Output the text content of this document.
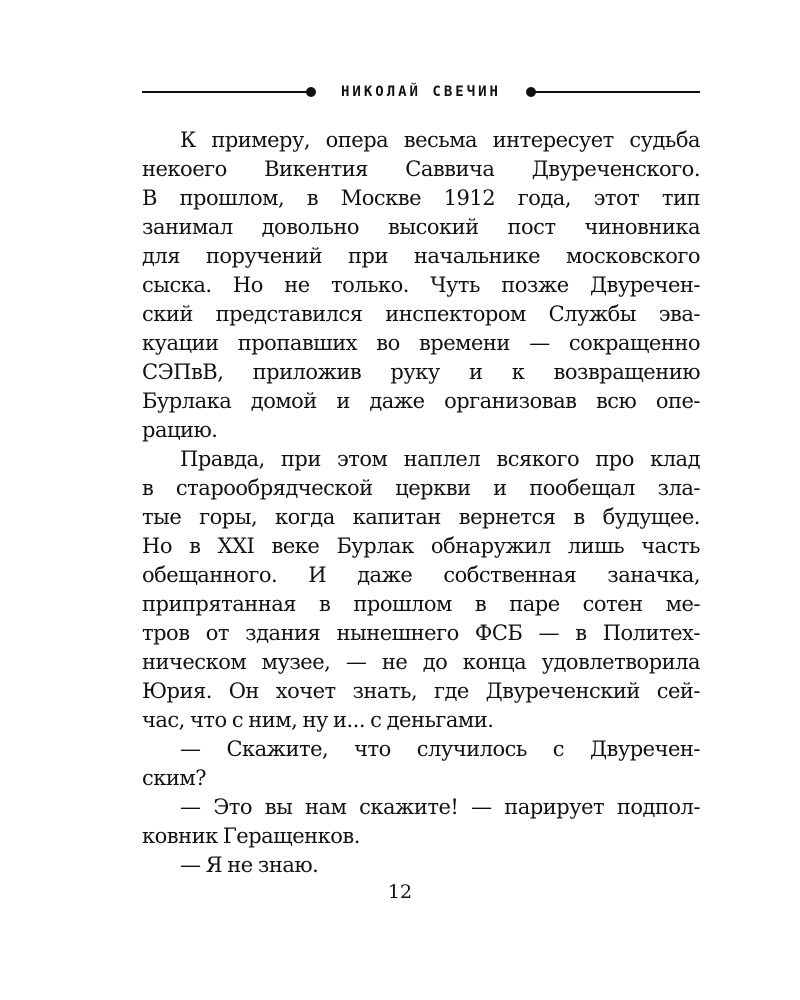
НИКОЛАЙ СВЕЧИН

К примеру, опера весьма интересует судьба
некоего Викентия Саввича Двуреченского.
В прошлом, в Москве 1912 года, этот тип
занимал довольно высокий пост чиновника
для поручений при начальнике московского
сыска. Но не только. Чуть позже Двуречен-
ский представился инспектором Службы эва-
куации пропавших во времени — сокращенно
СЭПвВ, приложив руку и к возвращению
Бурлака домой и даже организовав всю опе-
рацию.

Правда, при этом наплел всякого про клад
в старообрядческой церкви и пообещал зла-
тые горы, когда капитан вернется в будущее.
Но в XXI веке Бурлак обнаружил лишь часть
обещанного. И даже собственная заначка,
припрятанная в прошлом в паре сотен ме-
тров от здания нынешнего ФСБ — в Политех-
ническом музее, — не до конца удовлетворила
Юрия. Он хочет знать, где Двуреченский сей-
час, что с ним, ну и... с деньгами.

— Скажите, что случилось с Двуречен-
ским?

— Это вы нам скажите! — парирует подпол-
ковник Геращенков.

— Я не знаю.

12
